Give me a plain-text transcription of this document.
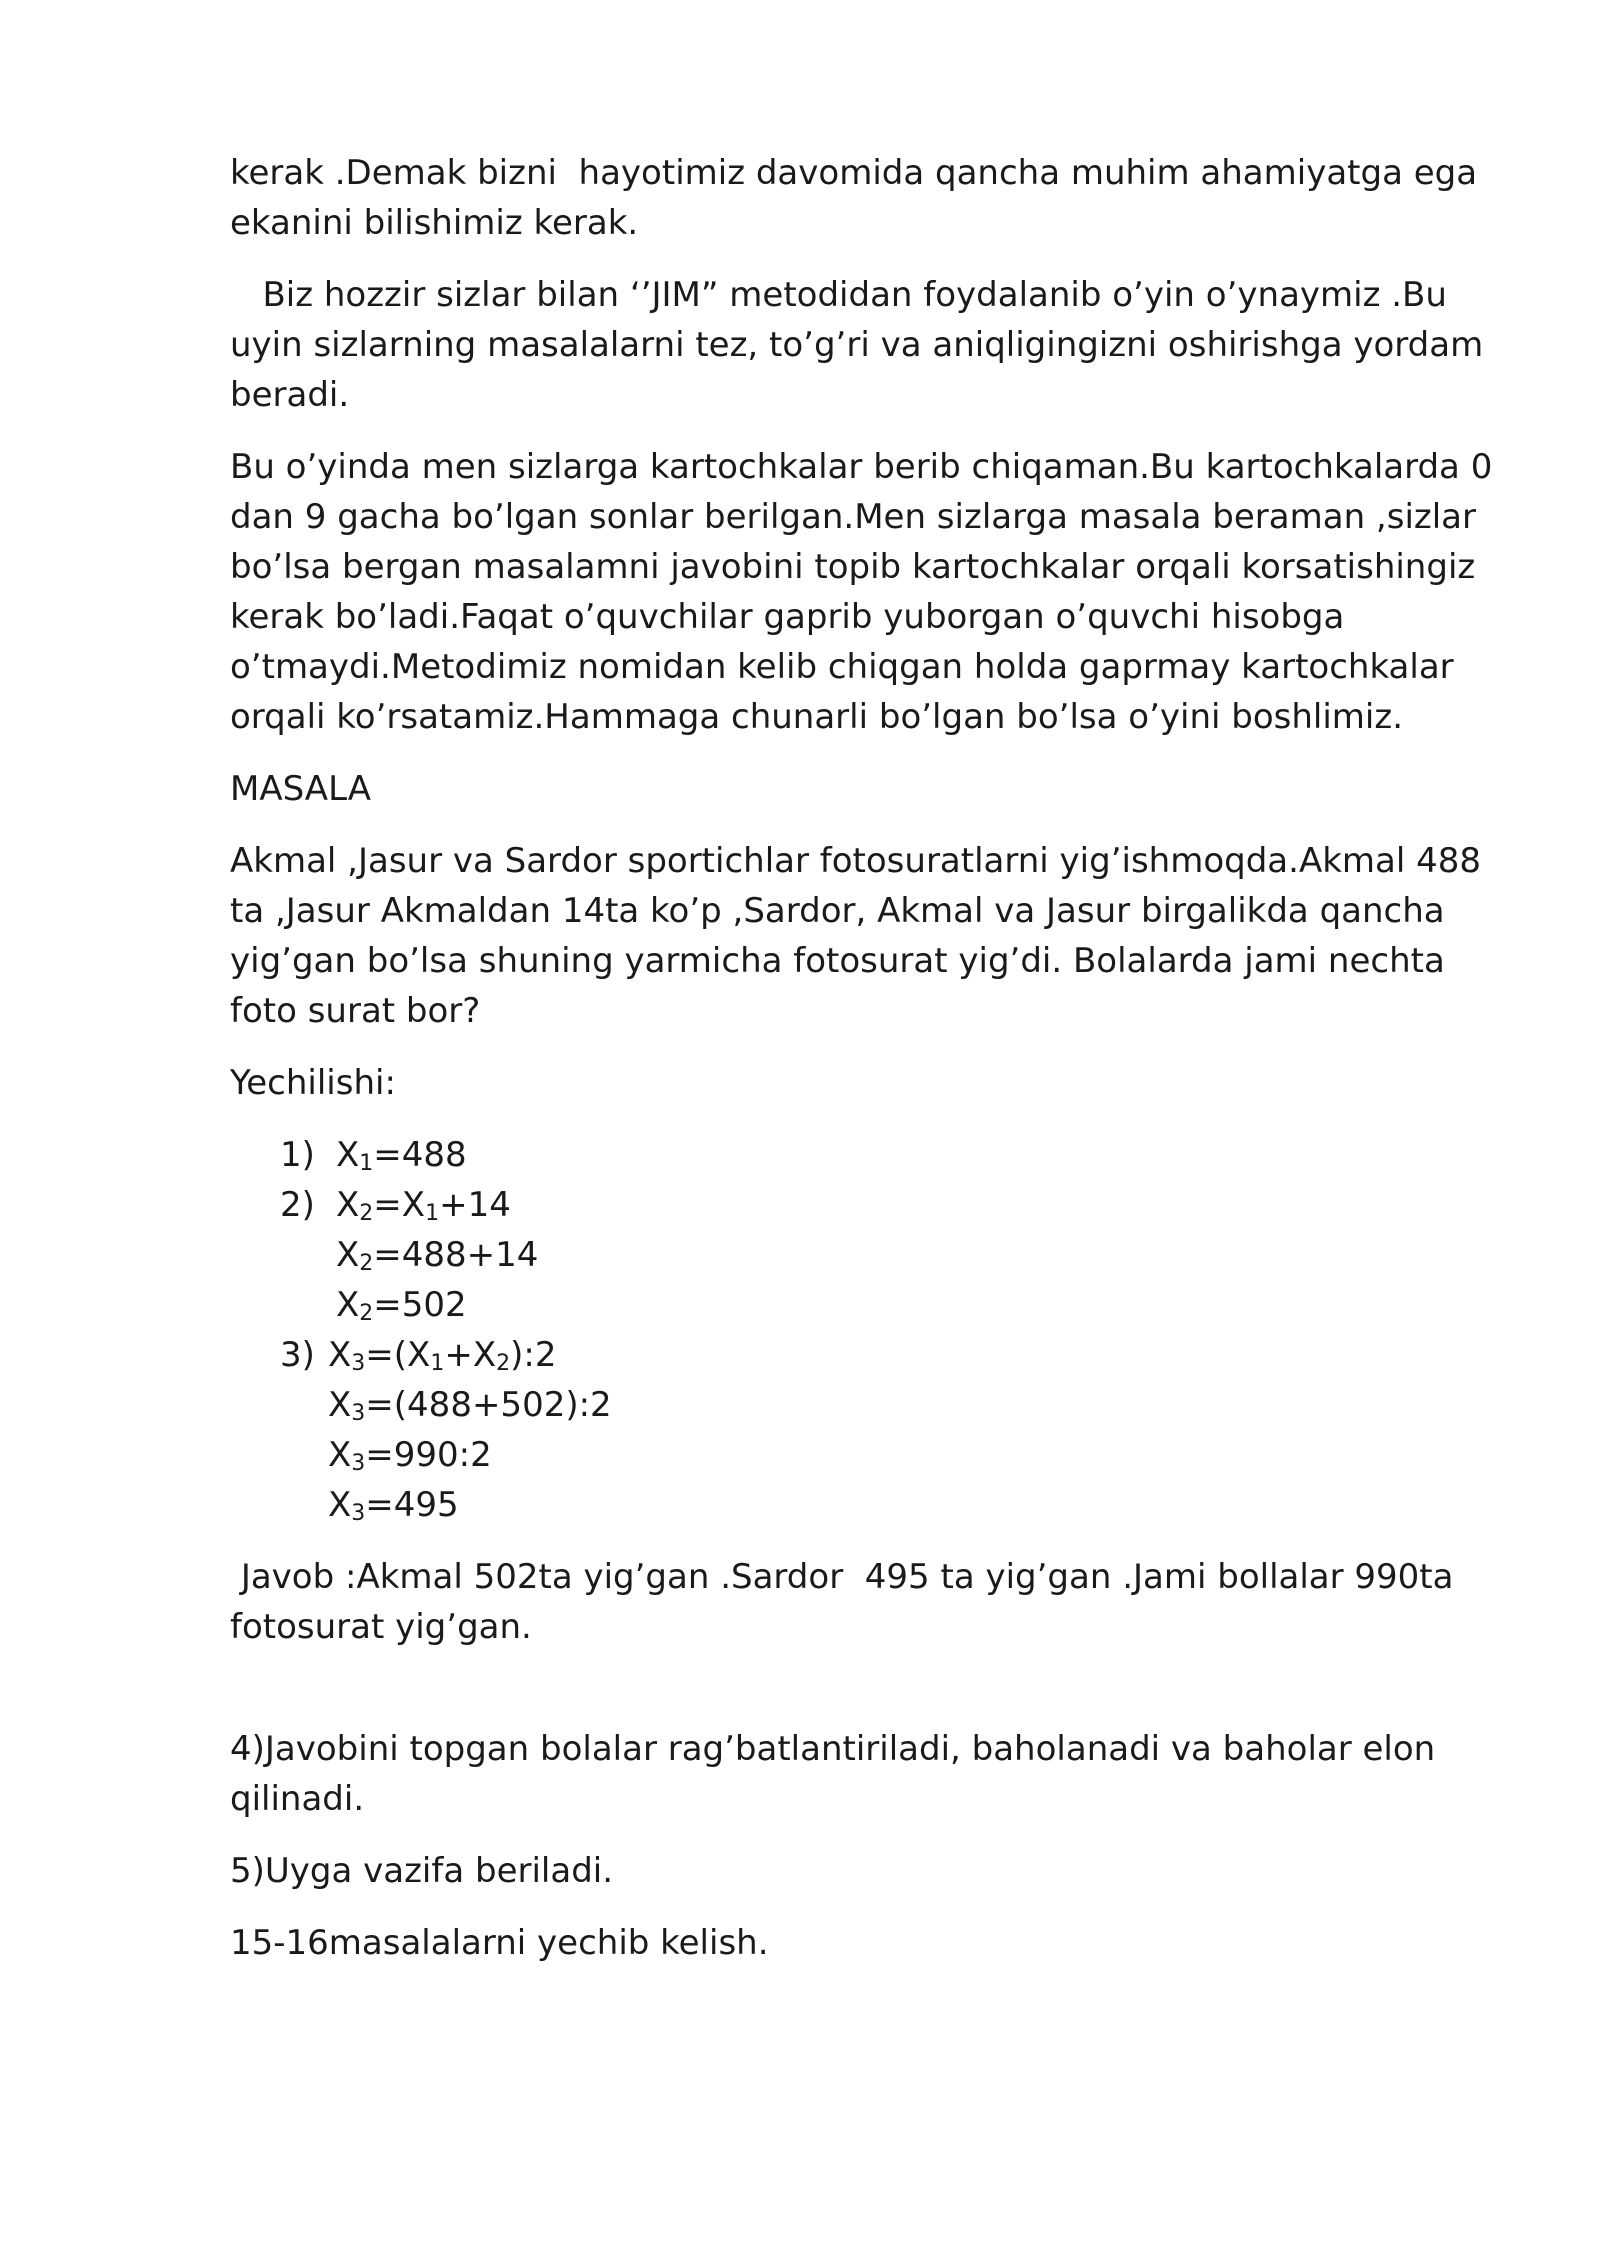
kerak .Demak bizni  hayotimiz davomida qancha muhim ahamiyatga ega ekanini bilishimiz kerak.

Biz hozzir sizlar bilan ‘’JIM” metodidan foydalanib o’yin o’ynaymiz .Bu uyin sizlarning masalalarni tez, to’g’ri va aniqligingizni oshirishga yordam beradi.

Bu o’yinda men sizlarga kartochkalar berib chiqaman.Bu kartochkalarda 0 dan 9 gacha bo’lgan sonlar berilgan.Men sizlarga masala beraman ,sizlar bo’lsa bergan masalamni javobini topib kartochkalar orqali korsatishingiz kerak bo’ladi.Faqat o’quvchilar gaprib yuborgan o’quvchi hisobga o’tmaydi.Metodimiz nomidan kelib chiqgan holda gaprmay kartochkalar orqali ko’rsatamiz.Hammaga chunarli bo’lgan bo’lsa o’yini boshlimiz.

MASALA

Akmal ,Jasur va Sardor sportichlar fotosuratlarni yig’ishmoqda.Akmal 488 ta ,Jasur Akmaldan 14ta ko’p ,Sardor, Akmal va Jasur birgalikda qancha yig’gan bo’lsa shuning yarmicha fotosurat yig’di. Bolalarda jami nechta foto surat bor?

Yechilishi:

1) $X_1=488$
2) $X_2=X_1+14$
$X_2=488+14$
$X_2=502$
3) $X_3=(X_1+X_2):2$
$X_3=(488+502):2$
$X_3=990:2$
$X_3=495$

Javob :Akmal 502ta yig’gan .Sardor  495 ta yig’gan .Jami bollalar 990ta fotosurat yig’gan.

4)Javobini topgan bolalar rag’batlantiriladi, baholanadi va baholar elon qilinadi.

5)Uyga vazifa beriladi.

15-16masalalarni yechib kelish.
